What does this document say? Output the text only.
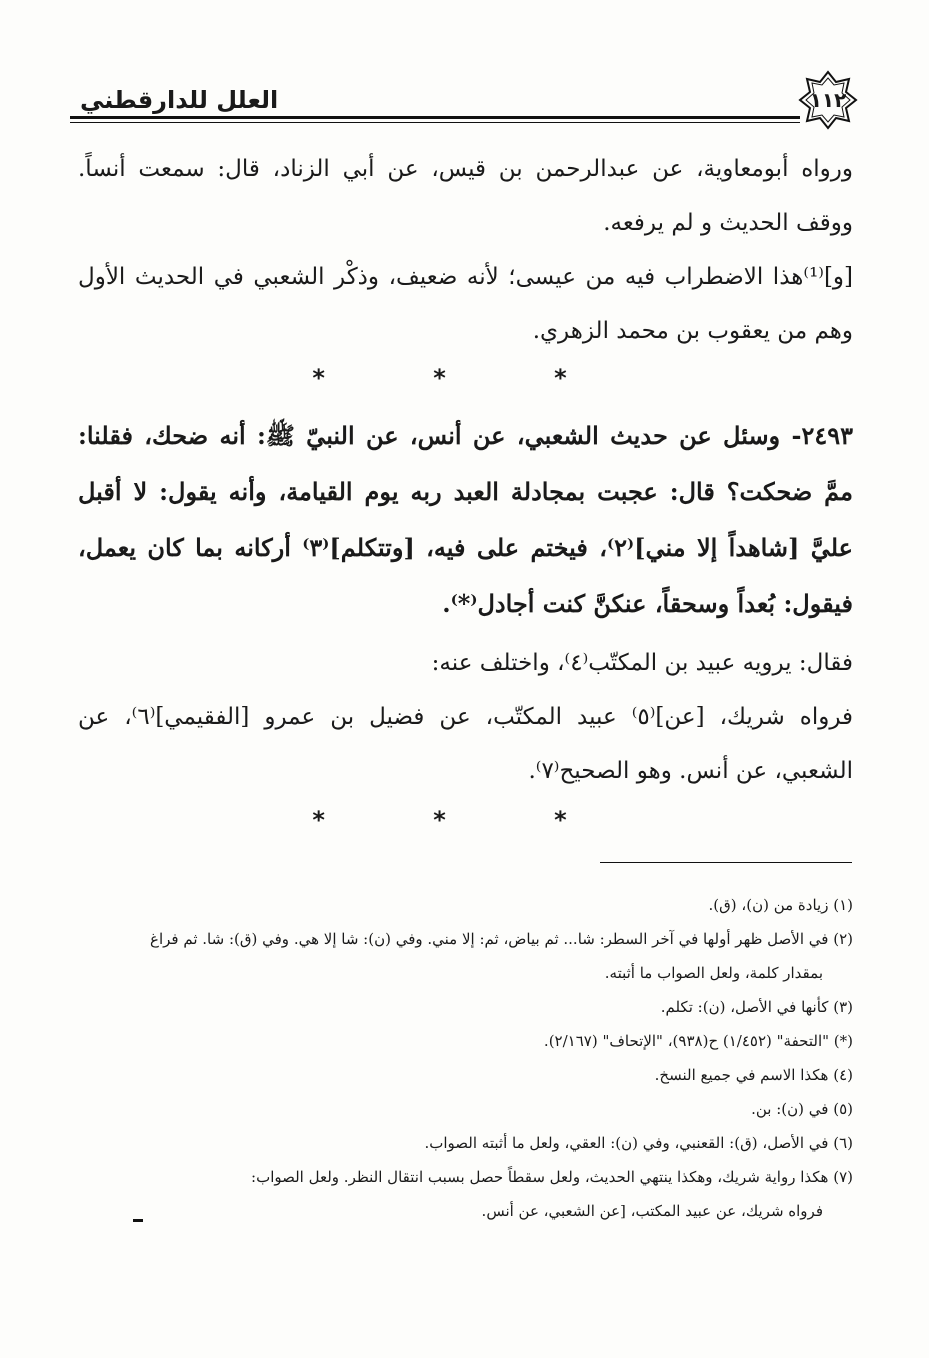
العلل للدارقطني	١١٢

ورواه أبومعاوية، عن عبدالرحمن بن قيس، عن أبي الزناد، قال: سمعت أنساً. ووقف الحديث و لم يرفعه.

[و]⁽¹⁾هذا الاضطراب فيه من عيسى؛ لأنه ضعيف، وذكْر الشعبي في الحديث الأول وهم من يعقوب بن محمد الزهري.

* * *

٢٤٩٣- وسئل عن حديث الشعبي، عن أنس، عن النبيّ ﷺ: أنه ضحك، فقلنا: ممَّ ضحكت؟ قال: عجبت بمجادلة العبد ربه يوم القيامة، وأنه يقول: لا أقبل عليَّ [شاهداً إلا مني]⁽٢⁾، فيختم على فيه، [وتتكلم]⁽٣⁾ أركانه بما كان يعمل، فيقول: بُعداً وسحقاً، عنكنَّ كنت أجادل⁽*⁾.

فقال: يرويه عبيد بن المكتّب⁽٤⁾، واختلف عنه:

فرواه شريك، [عن]⁽٥⁾ عبيد المكتّب، عن فضيل بن عمرو [الفقيمي]⁽٦⁾، عن الشعبي، عن أنس. وهو الصحيح⁽٧⁾.

* * *

(١) زيادة من (ن)، (ق).

(٢) في الأصل ظهر أولها في آخر السطر: شا... ثم بياض، ثم: إلا مني. وفي (ن): شا إلا هي. وفي (ق): شا. ثم فراغ

بمقدار كلمة، ولعل الصواب ما أثبته.

(٣) كأنها في الأصل، (ن): تكلم.

(*) "التحفة" (١/٤٥٢) ح(٩٣٨)، "الإتحاف" (٢/١٦٧).

(٤) هكذا الاسم في جميع النسخ.

(٥) في (ن): بن.

(٦) في الأصل، (ق): القعنبي، وفي (ن): العقي، ولعل ما أثبته الصواب.

(٧) هكذا رواية شريك، وهكذا ينتهي الحديث، ولعل سقطاً حصل بسبب انتقال النظر. ولعل الصواب:

فرواه شريك، عن عبيد المكتب، [عن الشعبي، عن أنس.
